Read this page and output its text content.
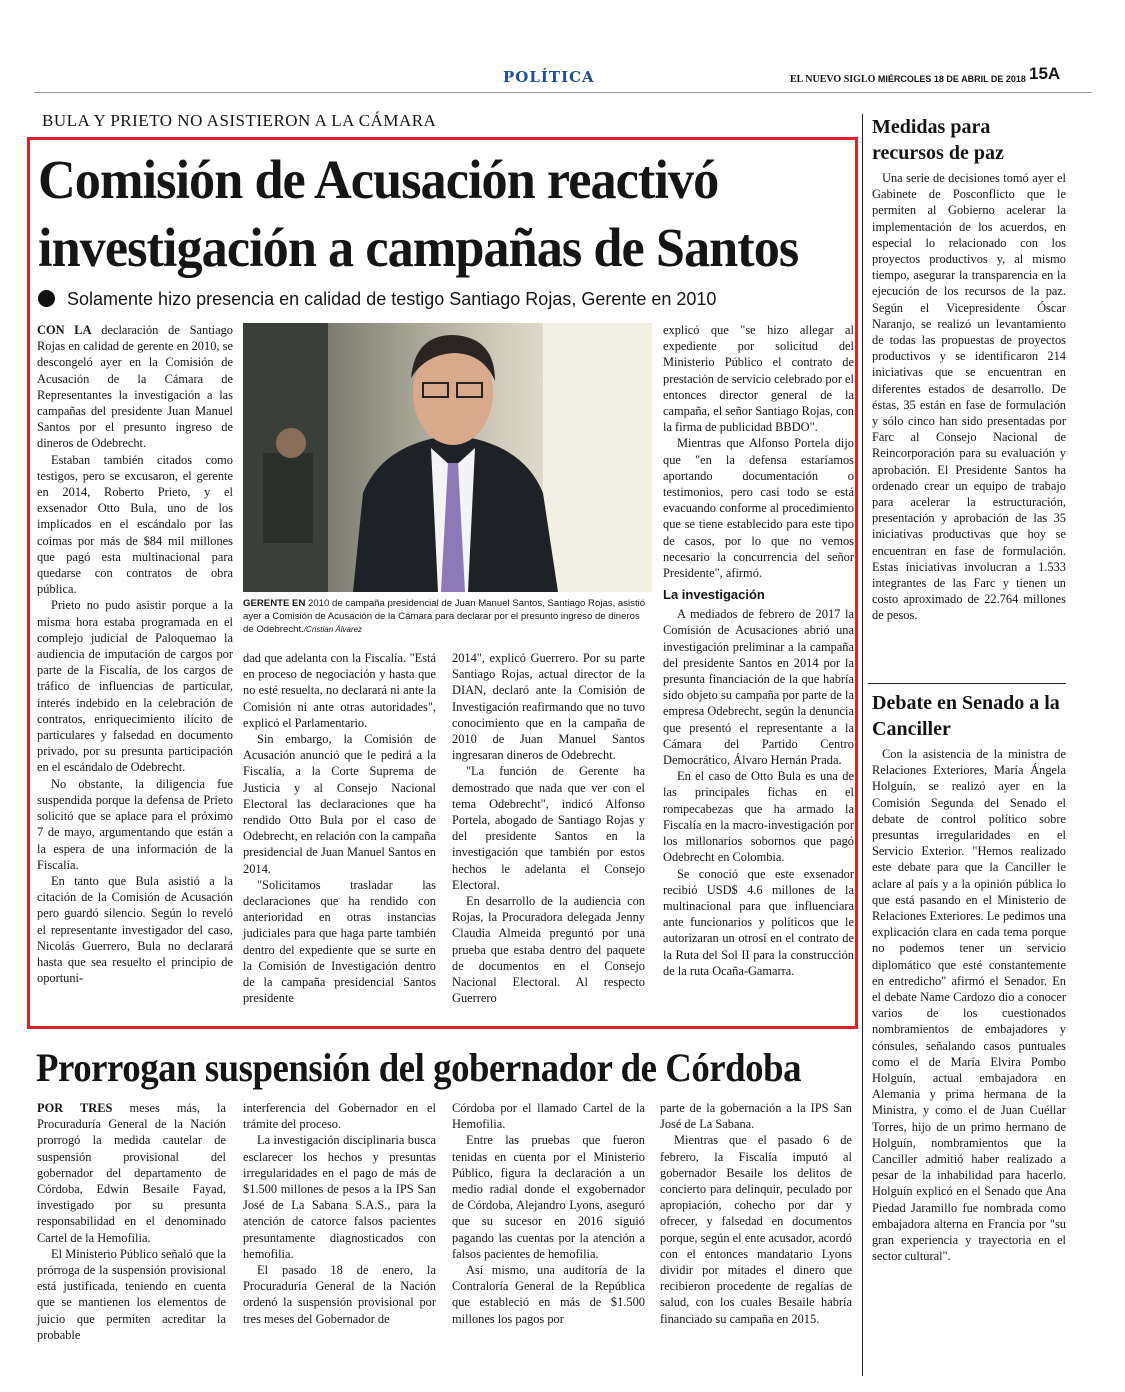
POLÍTICA	EL NUEVO SIGLO MIÉRCOLES 18 DE ABRIL DE 2018 15A
BULA Y PRIETO NO ASISTIERON A LA CÁMARA
Comisión de Acusación reactivó investigación a campañas de Santos
Solamente hizo presencia en calidad de testigo Santiago Rojas, Gerente en 2010

CON LA declaración de Santiago Rojas en calidad de gerente en 2010, se descongeló ayer en la Comisión de Acusación de la Cámara de Representantes la investigación a las campañas del presidente Juan Manuel Santos por el presunto ingreso de dineros de Odebrecht.

Estaban también citados como testigos, pero se excusaron, el gerente en 2014, Roberto Prieto, y el exsenador Otto Bula, uno de los implicados en el escándalo por las coimas por más de $84 mil millones que pagó esta multinacional para quedarse con contratos de obra pública.

Prieto no pudo asistir porque a la misma hora estaba programada en el complejo judicial de Paloquemao la audiencia de imputación de cargos por parte de la Fiscalía, de los cargos de tráfico de influencias de particular, interés indebido en la celebración de contratos, enriquecimiento ilícito de particulares y falsedad en documento privado, por su presunta participación en el escándalo de Odebrecht.

No obstante, la diligencia fue suspendida porque la defensa de Prieto solicitó que se aplace para el próximo 7 de mayo, argumentando que están a la espera de una información de la Fiscalía.

En tanto que Bula asistió a la citación de la Comisión de Acusación pero guardó silencio. Según lo reveló el representante investigador del caso, Nicolás Guerrero, Bula no declarará hasta que sea resuelto el principio de oportuni-

GERENTE EN 2010 de campaña presidencial de Juan Manuel Santos, Santiago Rojas, asistió ayer a Comisión de Acusación de la Cámara para declarar por el presunto ingreso de dineros de Odebrecht./Cristian Álvarez

dad que adelanta con la Fiscalía. "Está en proceso de negociación y hasta que no esté resuelta, no declarará ni ante la Comisión ni ante otras autoridades", explicó el Parlamentario.

Sin embargo, la Comisión de Acusación anunció que le pedirá a la Fiscalía, a la Corte Suprema de Justicia y al Consejo Nacional Electoral las declaraciones que ha rendido Otto Bula por el caso de Odebrecht, en relación con la campaña presidencial de Juan Manuel Santos en 2014.

"Solicitamos trasladar las declaraciones que ha rendido con anterioridad en otras instancias judiciales para que haga parte también dentro del expediente que se surte en la Comisión de Investigación dentro de la campaña presidencial Santos presidente

2014", explicó Guerrero. Por su parte Santiago Rojas, actual director de la DIAN, declaró ante la Comisión de Investigación reafirmando que no tuvo conocimiento que en la campaña de 2010 de Juan Manuel Santos ingresaran dineros de Odebrecht.

"La función de Gerente ha demostrado que nada que ver con el tema Odebrecht", indicó Alfonso Portela, abogado de Santiago Rojas y del presidente Santos en la investigación que también por estos hechos le adelanta el Consejo Electoral.

En desarrollo de la audiencia con Rojas, la Procuradora delegada Jenny Claudia Almeida preguntó por una prueba que estaba dentro del paquete de documentos en el Consejo Nacional Electoral. Al respecto Guerrero

explicó que "se hizo allegar al expediente por solicitud del Ministerio Público el contrato de prestación de servicio celebrado por el entonces director general de la campaña, el señor Santiago Rojas, con la firma de publicidad BBDO".

Mientras que Alfonso Portela dijo que "en la defensa estaríamos aportando documentación o testimonios, pero casi todo se está evacuando conforme al procedimiento que se tiene establecido para este tipo de casos, por lo que no vemos necesario la concurrencia del señor Presidente", afirmó.

La investigación

A mediados de febrero de 2017 la Comisión de Acusaciones abrió una investigación preliminar a la campaña del presidente Santos en 2014 por la presunta financiación de la que habría sido objeto su campaña por parte de la empresa Odebrecht, según la denuncia que presentó el representante a la Cámara del Partido Centro Democrático, Álvaro Hernán Prada.

En el caso de Otto Bula es una de las principales fichas en el rompecabezas que ha armado la Fiscalía en la macro-investigación por los millonarios sobornos que pagó Odebrecht en Colombia.

Se conoció que este exsenador recibió USD$ 4.6 millones de la multinacional para que influenciara ante funcionarios y políticos que le autorizaran un otrosí en el contrato de la Ruta del Sol II para la construcción de la ruta Ocaña-Gamarra.

Medidas para recursos de paz

Una serie de decisiones tomó ayer el Gabinete de Posconflicto que le permiten al Gobierno acelerar la implementación de los acuerdos, en especial lo relacionado con los proyectos productivos y, al mismo tiempo, asegurar la transparencia en la ejecución de los recursos de la paz. Según el Vicepresidente Óscar Naranjo, se realizó un levantamiento de todas las propuestas de proyectos productivos y se identificaron 214 iniciativas que se encuentran en diferentes estados de desarrollo. De éstas, 35 están en fase de formulación y sólo cinco han sido presentadas por Farc al Consejo Nacional de Reincorporación para su evaluación y aprobación. El Presidente Santos ha ordenado crear un equipo de trabajo para acelerar la estructuración, presentación y aprobación de las 35 iniciativas productivas que hoy se encuentran en fase de formulación. Estas iniciativas involucran a 1.533 integrantes de las Farc y tienen un costo aproximado de 22.764 millones de pesos.

Debate en Senado a la Canciller

Con la asistencia de la ministra de Relaciones Exteriores, María Ángela Holguín, se realizó ayer en la Comisión Segunda del Senado el debate de control político sobre presuntas irregularidades en el Servicio Exterior. "Hemos realizado este debate para que la Canciller le aclare al país y a la opinión pública lo que está pasando en el Ministerio de Relaciones Exteriores. Le pedimos una explicación clara en cada tema porque no podemos tener un servicio diplomático que esté constantemente en entredicho" afirmó el Senador. En el debate Name Cardozo dio a conocer varios de los cuestionados nombramientos de embajadores y cónsules, señalando casos puntuales como el de María Elvira Pombo Holguín, actual embajadora en Alemania y prima hermana de la Ministra, y como el de Juan Cuéllar Torres, hijo de un primo hermano de Holguín, nombramientos que la Canciller admitió haber realizado a pesar de la inhabilidad para hacerlo. Holguín explicó en el Senado que Ana Piedad Jaramillo fue nombrada como embajadora alterna en Francia por "su gran experiencia y trayectoria en el sector cultural".

Prorrogan suspensión del gobernador de Córdoba

POR TRES meses más, la Procuraduría General de la Nación prorrogó la medida cautelar de suspensión provisional del gobernador del departamento de Córdoba, Edwin Besaile Fayad, investigado por su presunta responsabilidad en el denominado Cartel de la Hemofilia.

El Ministerio Público señaló que la prórroga de la suspensión provisional está justificada, teniendo en cuenta que se mantienen los elementos de juicio que permiten acreditar la probable

interferencia del Gobernador en el trámite del proceso.

La investigación disciplinaria busca esclarecer los hechos y presuntas irregularidades en el pago de más de $1.500 millones de pesos a la IPS San José de La Sabana S.A.S., para la atención de catorce falsos pacientes presuntamente diagnosticados con hemofilia.

El pasado 18 de enero, la Procuraduría General de la Nación ordenó la suspensión provisional por tres meses del Gobernador de

Córdoba por el llamado Cartel de la Hemofilia.

Entre las pruebas que fueron tenidas en cuenta por el Ministerio Público, figura la declaración a un medio radial donde el exgobernador de Córdoba, Alejandro Lyons, aseguró que su sucesor en 2016 siguió pagando las cuentas por la atención a falsos pacientes de hemofilia.

Así mismo, una auditoría de la Contraloría General de la República que estableció en más de $1.500 millones los pagos por

parte de la gobernación a la IPS San José de La Sabana.

Mientras que el pasado 6 de febrero, la Fiscalía imputó al gobernador Besaile los delitos de concierto para delinquir, peculado por apropiación, cohecho por dar y ofrecer, y falsedad en documentos porque, según el ente acusador, acordó con el entonces mandatario Lyons dividir por mitades el dinero que recibieron procedente de regalías de salud, con los cuales Besaile habría financiado su campaña en 2015.
